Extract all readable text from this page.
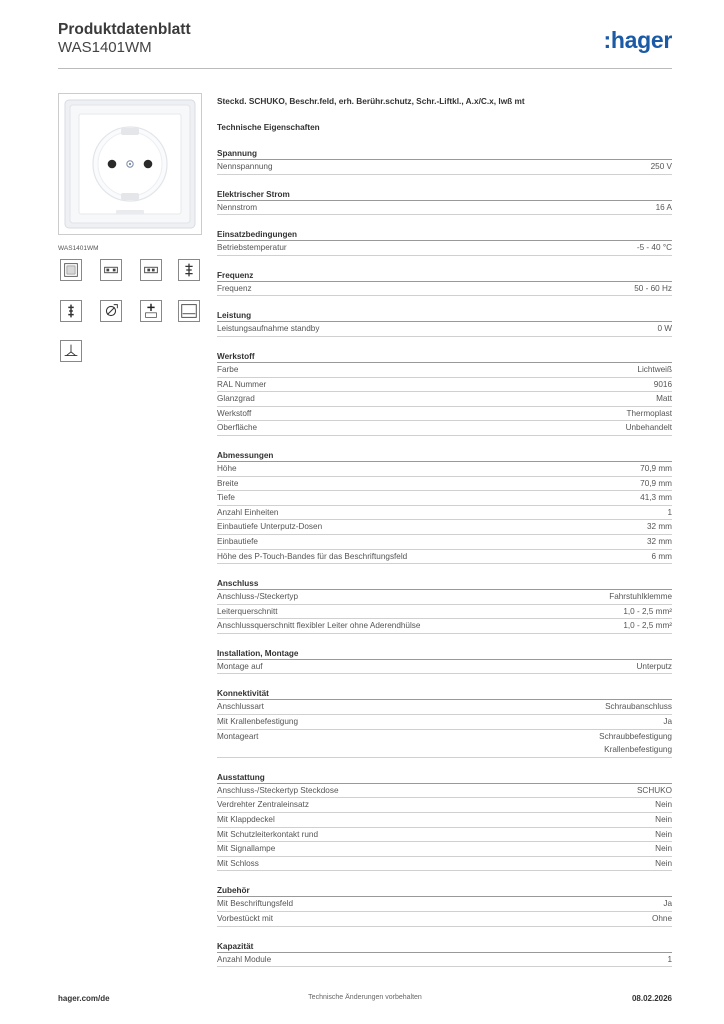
Produktdatenblatt
WAS1401WM	:hager
WAS1401WM
Steckd. SCHUKO, Beschr.feld, erh. Berühr.schutz, Schr.-Liftkl., A.x/C.x, lwß mt
Technische Eigenschaften
Spannung
Nennspannung	250 V
Elektrischer Strom
Nennstrom	16 A
Einsatzbedingungen
Betriebstemperatur	-5 - 40 °C
Frequenz
Frequenz	50 - 60 Hz
Leistung
Leistungsaufnahme standby	0 W
Werkstoff
Farbe	Lichtweiß
RAL Nummer	9016
Glanzgrad	Matt
Werkstoff	Thermoplast
Oberfläche	Unbehandelt
Abmessungen
Höhe	70,9 mm
Breite	70,9 mm
Tiefe	41,3 mm
Anzahl Einheiten	1
Einbautiefe Unterputz-Dosen	32 mm
Einbautiefe	32 mm
Höhe des P-Touch-Bandes für das Beschriftungsfeld	6 mm
Anschluss
Anschluss-/Steckertyp	Fahrstuhlklemme
Leiterquerschnitt	1,0 - 2,5 mm²
Anschlussquerschnitt flexibler Leiter ohne Aderendhülse	1,0 - 2,5 mm²
Installation, Montage
Montage auf	Unterputz
Konnektivität
Anschlussart	Schraubanschluss
Mit Krallenbefestigung	Ja
Montageart	Schraubbefestigung
Krallenbefestigung
Ausstattung
Anschluss-/Steckertyp Steckdose	SCHUKO
Verdrehter Zentraleinsatz	Nein
Mit Klappdeckel	Nein
Mit Schutzleiterkontakt rund	Nein
Mit Signallampe	Nein
Mit Schloss	Nein
Zubehör
Mit Beschriftungsfeld	Ja
Vorbestückt mit	Ohne
Kapazität
Anzahl Module	1
hager.com/de	Technische Änderungen vorbehalten	08.02.2026
